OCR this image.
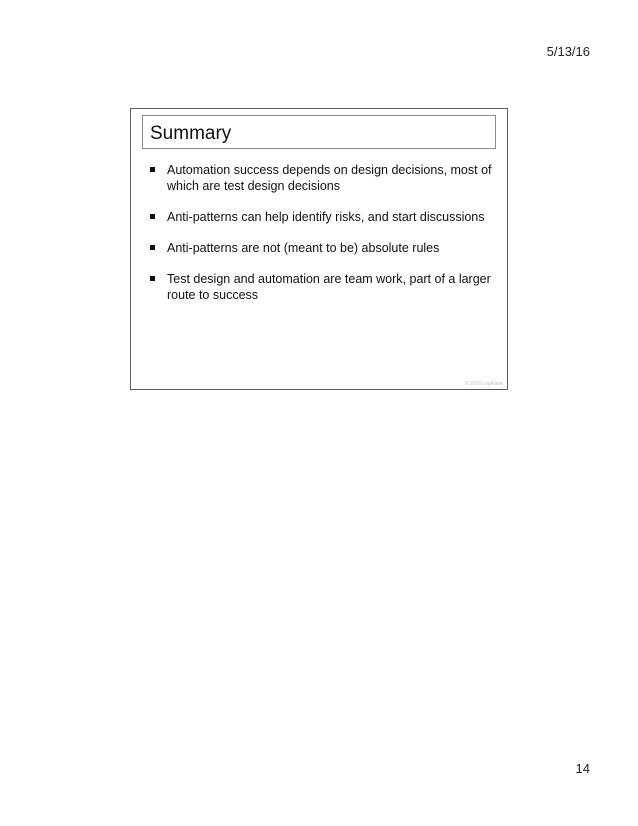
5/13/16
Summary
Automation success depends on design decisions, most of which are test design decisions
Anti-patterns can help identify risks, and start discussions
Anti-patterns are not (meant to be) absolute rules
Test design and automation are team work, part of a larger route to success
© 2016 LogiGear
14
